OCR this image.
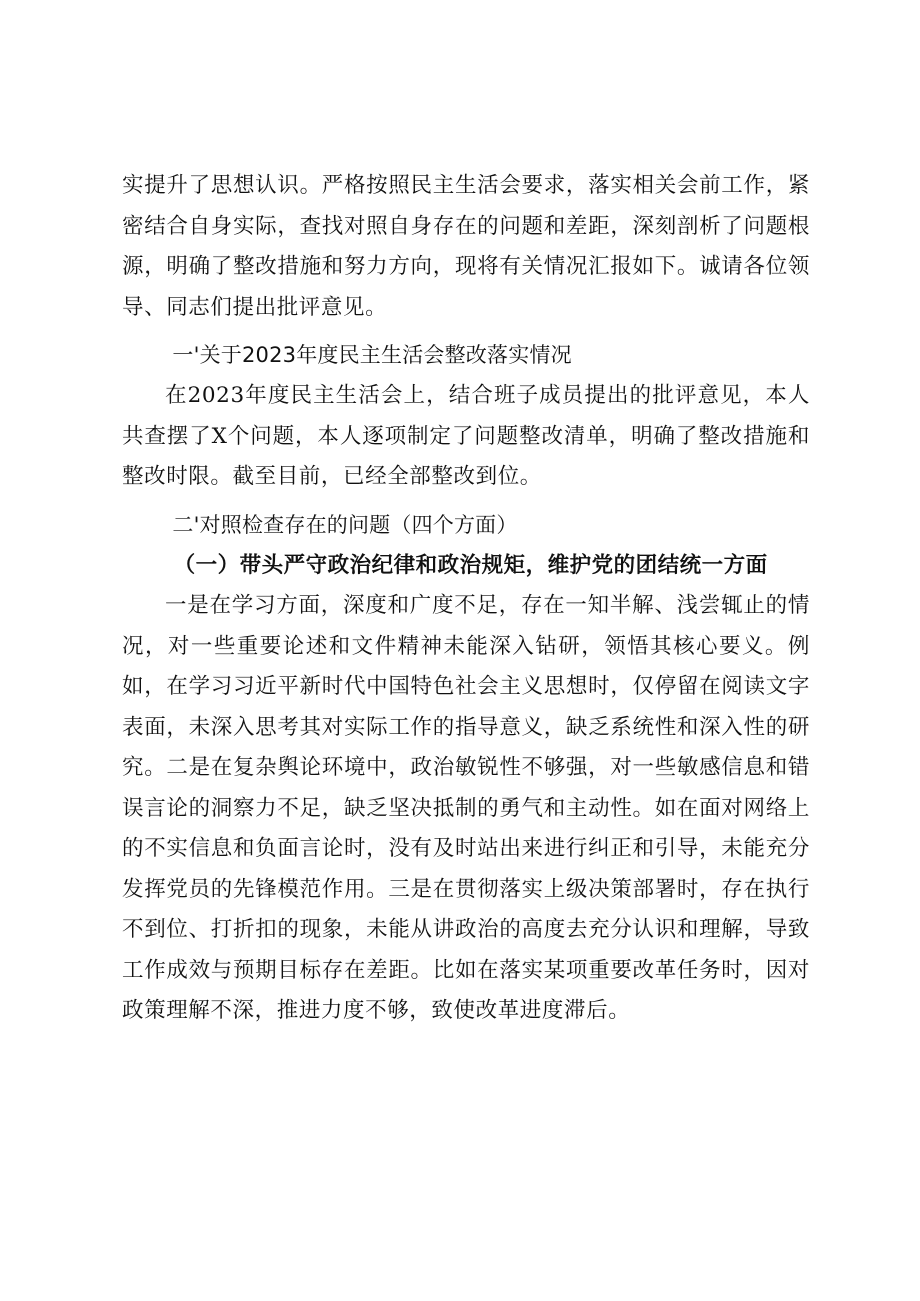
实提升了思想认识。严格按照民主生活会要求，落实相关会前工作，紧密结合自身实际，查找对照自身存在的问题和差距，深刻剖析了问题根源，明确了整改措施和努力方向，现将有关情况汇报如下。诚请各位领导、同志们提出批评意见。

一'关于2023年度民主生活会整改落实情况

在2023年度民主生活会上，结合班子成员提出的批评意见，本人共查摆了X个问题，本人逐项制定了问题整改清单，明确了整改措施和整改时限。截至目前，已经全部整改到位。

二'对照检查存在的问题（四个方面）

（一）带头严守政治纪律和政治规矩，维护党的团结统一方面

一是在学习方面，深度和广度不足，存在一知半解、浅尝辄止的情况，对一些重要论述和文件精神未能深入钻研，领悟其核心要义。例如，在学习习近平新时代中国特色社会主义思想时，仅停留在阅读文字表面，未深入思考其对实际工作的指导意义，缺乏系统性和深入性的研究。二是在复杂舆论环境中，政治敏锐性不够强，对一些敏感信息和错误言论的洞察力不足，缺乏坚决抵制的勇气和主动性。如在面对网络上的不实信息和负面言论时，没有及时站出来进行纠正和引导，未能充分发挥党员的先锋模范作用。三是在贯彻落实上级决策部署时，存在执行不到位、打折扣的现象，未能从讲政治的高度去充分认识和理解，导致工作成效与预期目标存在差距。比如在落实某项重要改革任务时，因对政策理解不深，推进力度不够，致使改革进度滞后。
